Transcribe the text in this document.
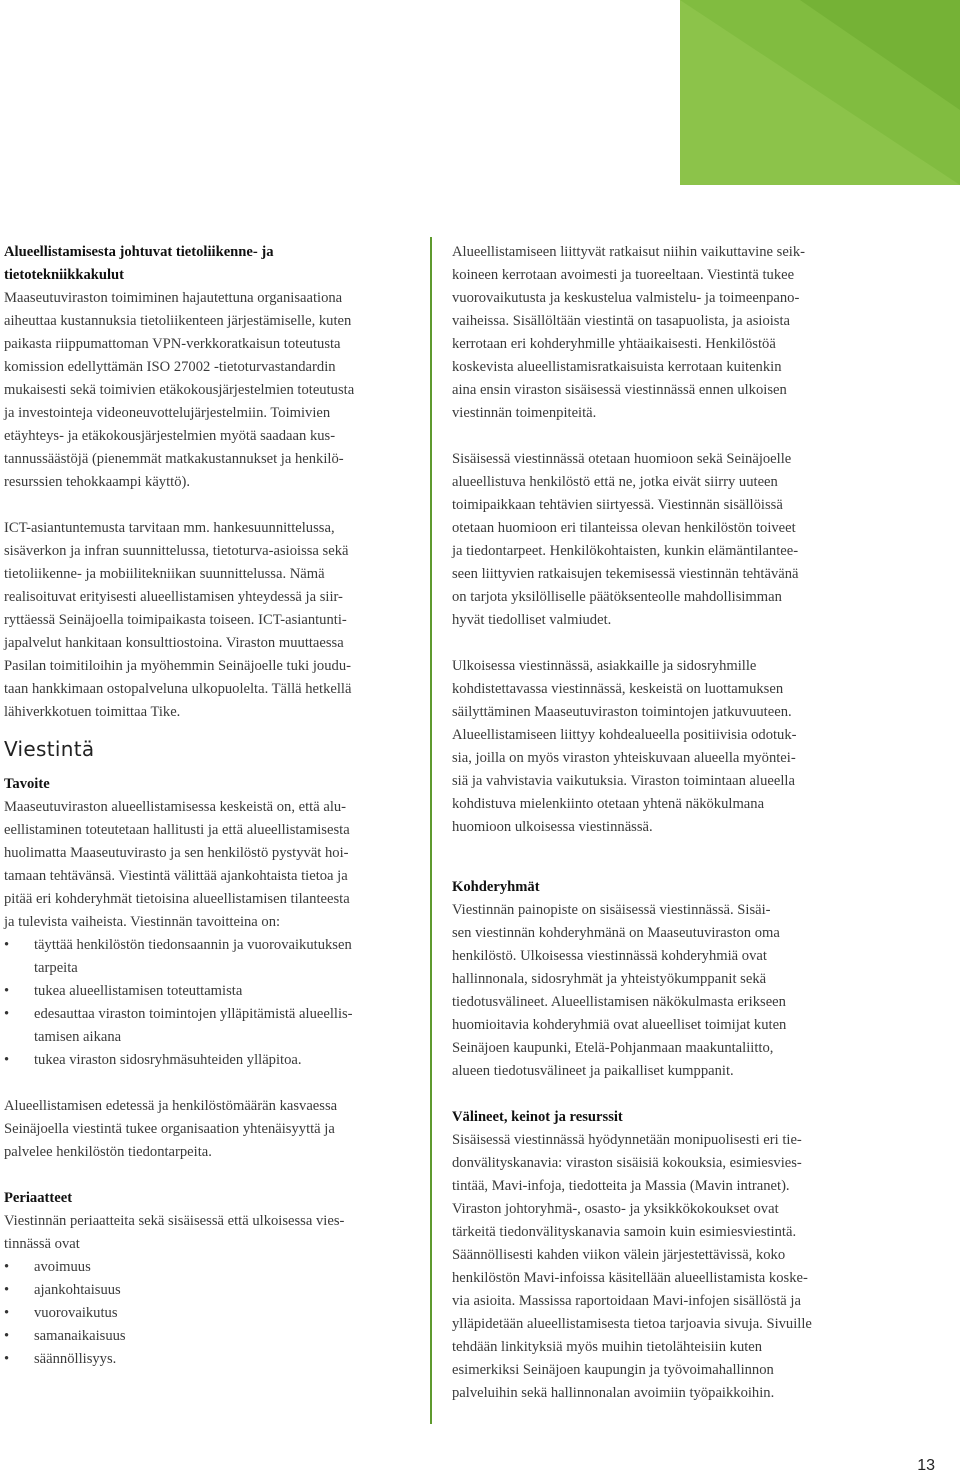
Alueellistamisesta johtuvat tietoliikenne- ja
tietotekniikkakulut
Maaseutuviraston toimiminen hajautettuna organisaationa
aiheuttaa kustannuksia tietoliikenteen järjestämiselle, kuten
paikasta riippumattoman VPN-verkkoratkaisun toteutusta
komission edellyttämän ISO 27002 -tietoturvastandardin
mukaisesti sekä toimivien etäkokousjärjestelmien toteutusta
ja investointeja videoneuvottelujärjestelmiin. Toimivien
etäyhteys- ja etäkokousjärjestelmien myötä saadaan kus-
tannussäästöjä (pienemmät matkakustannukset ja henkilö-
resurssien tehokkaampi käyttö).
ICT-asiantuntemusta tarvitaan mm. hankesuunnittelussa,
sisäverkon ja infran suunnittelussa, tietoturva-asioissa sekä
tietoliikenne- ja mobiilitekniikan suunnittelussa. Nämä
realisoituvat erityisesti alueellistamisen yhteydessä ja siir-
ryttäessä Seinäjoella toimipaikasta toiseen. ICT-asiantunti-
japalvelut hankitaan konsulttiostoina. Viraston muuttaessa
Pasilan toimitiloihin ja myöhemmin Seinäjoelle tuki joudu-
taan hankkimaan ostopalveluna ulkopuolelta. Tällä hetkellä
lähiverkkotuen toimittaa Tike.
Viestintä
Tavoite
Maaseutuviraston alueellistamisessa keskeistä on, että alu-
eellistaminen toteutetaan hallitusti ja että alueellistamisesta
huolimatta Maaseutuvirasto ja sen henkilöstö pystyvät hoi-
tamaan tehtävänsä. Viestintä välittää ajankohtaista tietoa ja
pitää eri kohderyhmät tietoisina alueellistamisen tilanteesta
ja tulevista vaiheista. Viestinnän tavoitteina on:
• täyttää henkilöstön tiedonsaannin ja vuorovaikutuksen
tarpeita
• tukea alueellistamisen toteuttamista
• edesauttaa viraston toimintojen ylläpitämistä alueellis-
tamisen aikana
• tukea viraston sidosryhmäsuhteiden ylläpitoa.
Alueellistamisen edetessä ja henkilöstömäärän kasvaessa
Seinäjoella viestintä tukee organisaation yhtenäisyyttä ja
palvelee henkilöstön tiedontarpeita.
Periaatteet
Viestinnän periaatteita sekä sisäisessä että ulkoisessa vies-
tinnässä ovat
• avoimuus
• ajankohtaisuus
• vuorovaikutus
• samanaikaisuus
• säännöllisyys.
Alueellistamiseen liittyvät ratkaisut niihin vaikuttavine seik-
koineen kerrotaan avoimesti ja tuoreeltaan. Viestintä tukee
vuorovaikutusta ja keskustelua valmistelu- ja toimeenpano-
vaiheissa. Sisällöltään viestintä on tasapuolista, ja asioista
kerrotaan eri kohderyhmille yhtäaikaisesti. Henkilöstöä
koskevista alueellistamisratkaisuista kerrotaan kuitenkin
aina ensin viraston sisäisessä viestinnässä ennen ulkoisen
viestinnän toimenpiteitä.
Sisäisessä viestinnässä otetaan huomioon sekä Seinäjoelle
alueellistuva henkilöstö että ne, jotka eivät siirry uuteen
toimipaikkaan tehtävien siirtyessä. Viestinnän sisällöissä
otetaan huomioon eri tilanteissa olevan henkilöstön toiveet
ja tiedontarpeet. Henkilökohtaisten, kunkin elämäntilantee-
seen liittyvien ratkaisujen tekemisessä viestinnän tehtävänä
on tarjota yksilölliselle päätöksenteolle mahdollisimman
hyvät tiedolliset valmiudet.
Ulkoisessa viestinnässä, asiakkaille ja sidosryhmille
kohdistettavassa viestinnässä, keskeistä on luottamuksen
säilyttäminen Maaseutuviraston toimintojen jatkuvuuteen.
Alueellistamiseen liittyy kohdealueella positiivisia odotuk-
sia, joilla on myös viraston yhteiskuvaan alueella myöntei-
siä ja vahvistavia vaikutuksia. Viraston toimintaan alueella
kohdistuva mielenkiinto otetaan yhtenä näkökulmana
huomioon ulkoisessa viestinnässä.
Kohderyhmät
Viestinnän painopiste on sisäisessä viestinnässä. Sisäi-
sen viestinnän kohderyhmänä on Maaseutuviraston oma
henkilöstö. Ulkoisessa viestinnässä kohderyhmiä ovat
hallinnonala, sidosryhmät ja yhteistyökumppanit sekä
tiedotusvälineet. Alueellistamisen näkökulmasta erikseen
huomioitavia kohderyhmiä ovat alueelliset toimijat kuten
Seinäjoen kaupunki, Etelä-Pohjanmaan maakuntaliitto,
alueen tiedotusvälineet ja paikalliset kumppanit.
Välineet, keinot ja resurssit
Sisäisessä viestinnässä hyödynnetään monipuolisesti eri tie-
donvälityskanavia: viraston sisäisiä kokouksia, esimiesvies-
tintää, Mavi-infoja, tiedotteita ja Massia (Mavin intranet).
Viraston johtoryhmä-, osasto- ja yksikkökokoukset ovat
tärkeitä tiedonvälityskanavia samoin kuin esimiesviestintä.
Säännöllisesti kahden viikon välein järjestettävissä, koko
henkilöstön Mavi-infoissa käsitellään alueellistamista koske-
via asioita. Massissa raportoidaan Mavi-infojen sisällöstä ja
ylläpidetään alueellistamisesta tietoa tarjoavia sivuja. Sivuille
tehdään linkityksiä myös muihin tietolähteisiin kuten
esimerkiksi Seinäjoen kaupungin ja työvoimahallinnon
palveluihin sekä hallinnonalan avoimiin työpaikkoihin.
13
